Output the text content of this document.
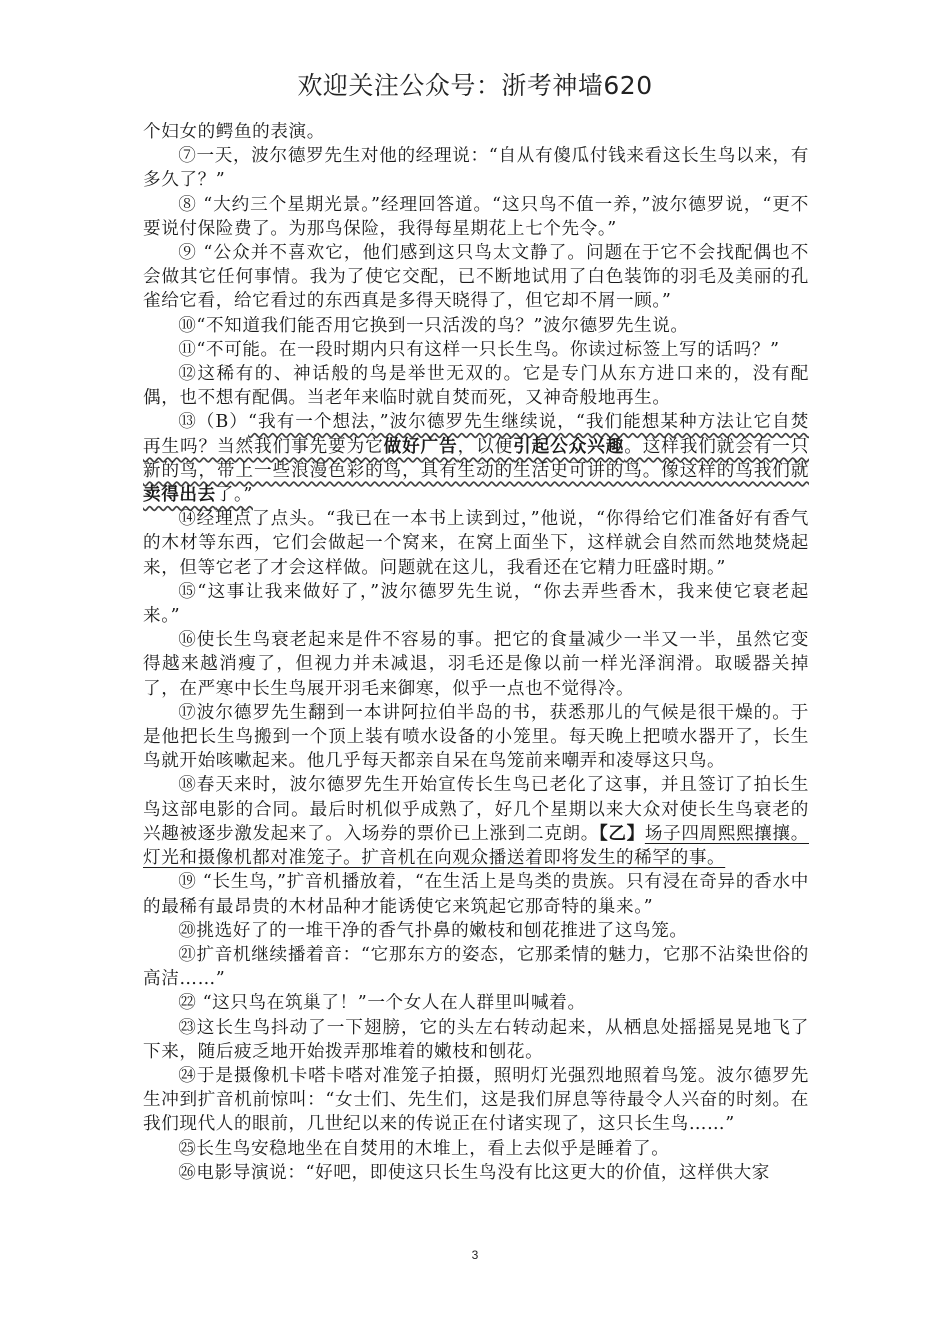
欢迎关注公众号：浙考神墙620

个妇女的鳄鱼的表演。

⑦一天，波尔德罗先生对他的经理说：“自从有傻瓜付钱来看这长生鸟以来，有多久了？”

⑧ “大约三个星期光景。”经理回答道。“这只鸟不值一养，”波尔德罗说，“更不要说付保险费了。为那鸟保险，我得每星期花上七个先令。”

⑨ “公众并不喜欢它，他们感到这只鸟太文静了。问题在于它不会找配偶也不会做其它任何事情。我为了使它交配，已不断地试用了白色装饰的羽毛及美丽的孔雀给它看，给它看过的东西真是多得天晓得了，但它却不屑一顾。”

⑩“不知道我们能否用它换到一只活泼的鸟？”波尔德罗先生说。

⑪“不可能。在一段时期内只有这样一只长生鸟。你读过标签上写的话吗？”

⑫这稀有的、神话般的鸟是举世无双的。它是专门从东方进口来的，没有配偶，也不想有配偶。当老年来临时就自焚而死，又神奇般地再生。

⑬（B）“我有一个想法，”波尔德罗先生继续说，“我们能想某种方法让它自焚再生吗？当然我们事先要为它做好广告，以便引起公众兴趣。这样我们就会有一只新的鸟，带上一些浪漫色彩的鸟，具有生动的生活史可讲的鸟。像这样的鸟我们就卖得出去了。”

⑭经理点了点头。“我已在一本书上读到过，”他说，“你得给它们准备好有香气的木材等东西，它们会做起一个窝来，在窝上面坐下，这样就会自然而然地焚烧起来，但等它老了才会这样做。问题就在这儿，我看还在它精力旺盛时期。”

⑮“这事让我来做好了，”波尔德罗先生说，“你去弄些香木，我来使它衰老起来。”

⑯使长生鸟衰老起来是件不容易的事。把它的食量减少一半又一半，虽然它变得越来越消瘦了，但视力并未减退，羽毛还是像以前一样光泽润滑。取暖器关掉了，在严寒中长生鸟展开羽毛来御寒，似乎一点也不觉得冷。

⑰波尔德罗先生翻到一本讲阿拉伯半岛的书，获悉那儿的气候是很干燥的。于是他把长生鸟搬到一个顶上装有喷水设备的小笼里。每天晚上把喷水器开了，长生鸟就开始咳嗽起来。他几乎每天都亲自呆在鸟笼前来嘲弄和凌辱这只鸟。

⑱春天来时，波尔德罗先生开始宣传长生鸟已老化了这事，并且签订了拍长生鸟这部电影的合同。最后时机似乎成熟了，好几个星期以来大众对使长生鸟衰老的兴趣被逐步激发起来了。入场券的票价已上涨到二克朗。【乙】场子四周熙熙攘攘。灯光和摄像机都对准笼子。扩音机在向观众播送着即将发生的稀罕的事。

⑲ “长生鸟，”扩音机播放着，“在生活上是鸟类的贵族。只有浸在奇异的香水中的最稀有最昂贵的木材品种才能诱使它来筑起它那奇特的巢来。”

⑳挑选好了的一堆干净的香气扑鼻的嫩枝和刨花推进了这鸟笼。

㉑扩音机继续播着音：“它那东方的姿态，它那柔情的魅力，它那不沾染世俗的高洁……”

㉒ “这只鸟在筑巢了！”一个女人在人群里叫喊着。

㉓这长生鸟抖动了一下翅膀，它的头左右转动起来，从栖息处摇摇晃晃地飞了下来，随后疲乏地开始拨弄那堆着的嫩枝和刨花。

㉔于是摄像机卡嗒卡嗒对准笼子拍摄，照明灯光强烈地照着鸟笼。波尔德罗先生冲到扩音机前惊叫：“女士们、先生们，这是我们屏息等待最令人兴奋的时刻。在我们现代人的眼前，几世纪以来的传说正在付诸实现了，这只长生鸟……”

㉕长生鸟安稳地坐在自焚用的木堆上，看上去似乎是睡着了。

㉖电影导演说：“好吧，即使这只长生鸟没有比这更大的价值，这样供大家

3
